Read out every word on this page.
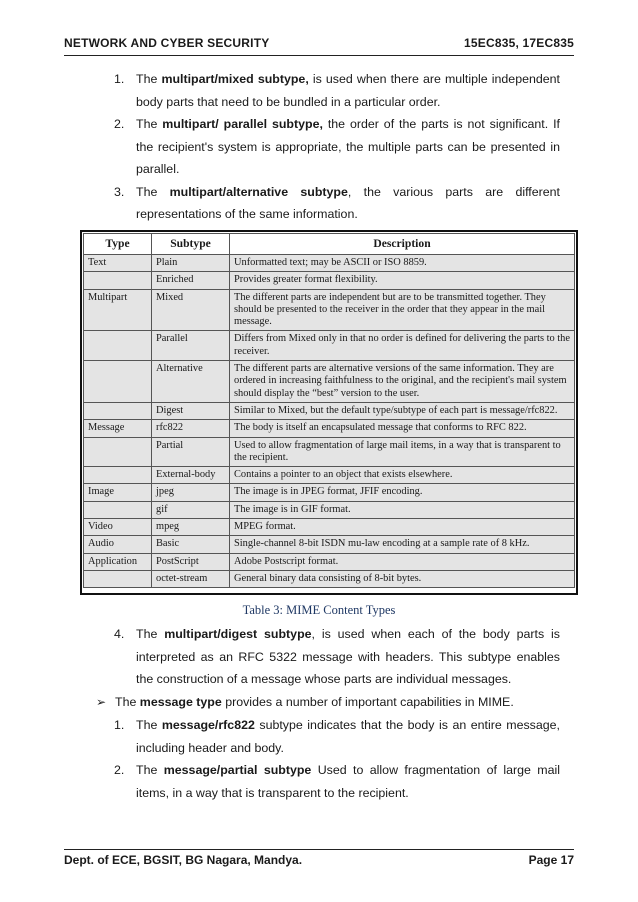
NETWORK AND CYBER SECURITY	15EC835, 17EC835
1. The multipart/mixed subtype, is used when there are multiple independent body parts that need to be bundled in a particular order.
2. The multipart/ parallel subtype, the order of the parts is not significant. If the recipient's system is appropriate, the multiple parts can be presented in parallel.
3. The multipart/alternative subtype, the various parts are different representations of the same information.
Type	Subtype	Description
Text	Plain	Unformatted text; may be ASCII or ISO 8859.
	Enriched	Provides greater format flexibility.
Multipart	Mixed	The different parts are independent but are to be transmitted together. They should be presented to the receiver in the order that they appear in the mail message.
	Parallel	Differs from Mixed only in that no order is defined for delivering the parts to the receiver.
	Alternative	The different parts are alternative versions of the same information. They are ordered in increasing faithfulness to the original, and the recipient's mail system should display the “best” version to the user.
	Digest	Similar to Mixed, but the default type/subtype of each part is message/rfc822.
Message	rfc822	The body is itself an encapsulated message that conforms to RFC 822.
	Partial	Used to allow fragmentation of large mail items, in a way that is transparent to the recipient.
	External-body	Contains a pointer to an object that exists elsewhere.
Image	jpeg	The image is in JPEG format, JFIF encoding.
	gif	The image is in GIF format.
Video	mpeg	MPEG format.
Audio	Basic	Single-channel 8-bit ISDN mu-law encoding at a sample rate of 8 kHz.
Application	PostScript	Adobe Postscript format.
	octet-stream	General binary data consisting of 8-bit bytes.
Table 3: MIME Content Types
4. The multipart/digest subtype, is used when each of the body parts is interpreted as an RFC 5322 message with headers. This subtype enables the construction of a message whose parts are individual messages.
➢ The message type provides a number of important capabilities in MIME.
1. The message/rfc822 subtype indicates that the body is an entire message, including header and body.
2. The message/partial subtype Used to allow fragmentation of large mail items, in a way that is transparent to the recipient.
Dept. of ECE, BGSIT, BG Nagara, Mandya.	Page 17
